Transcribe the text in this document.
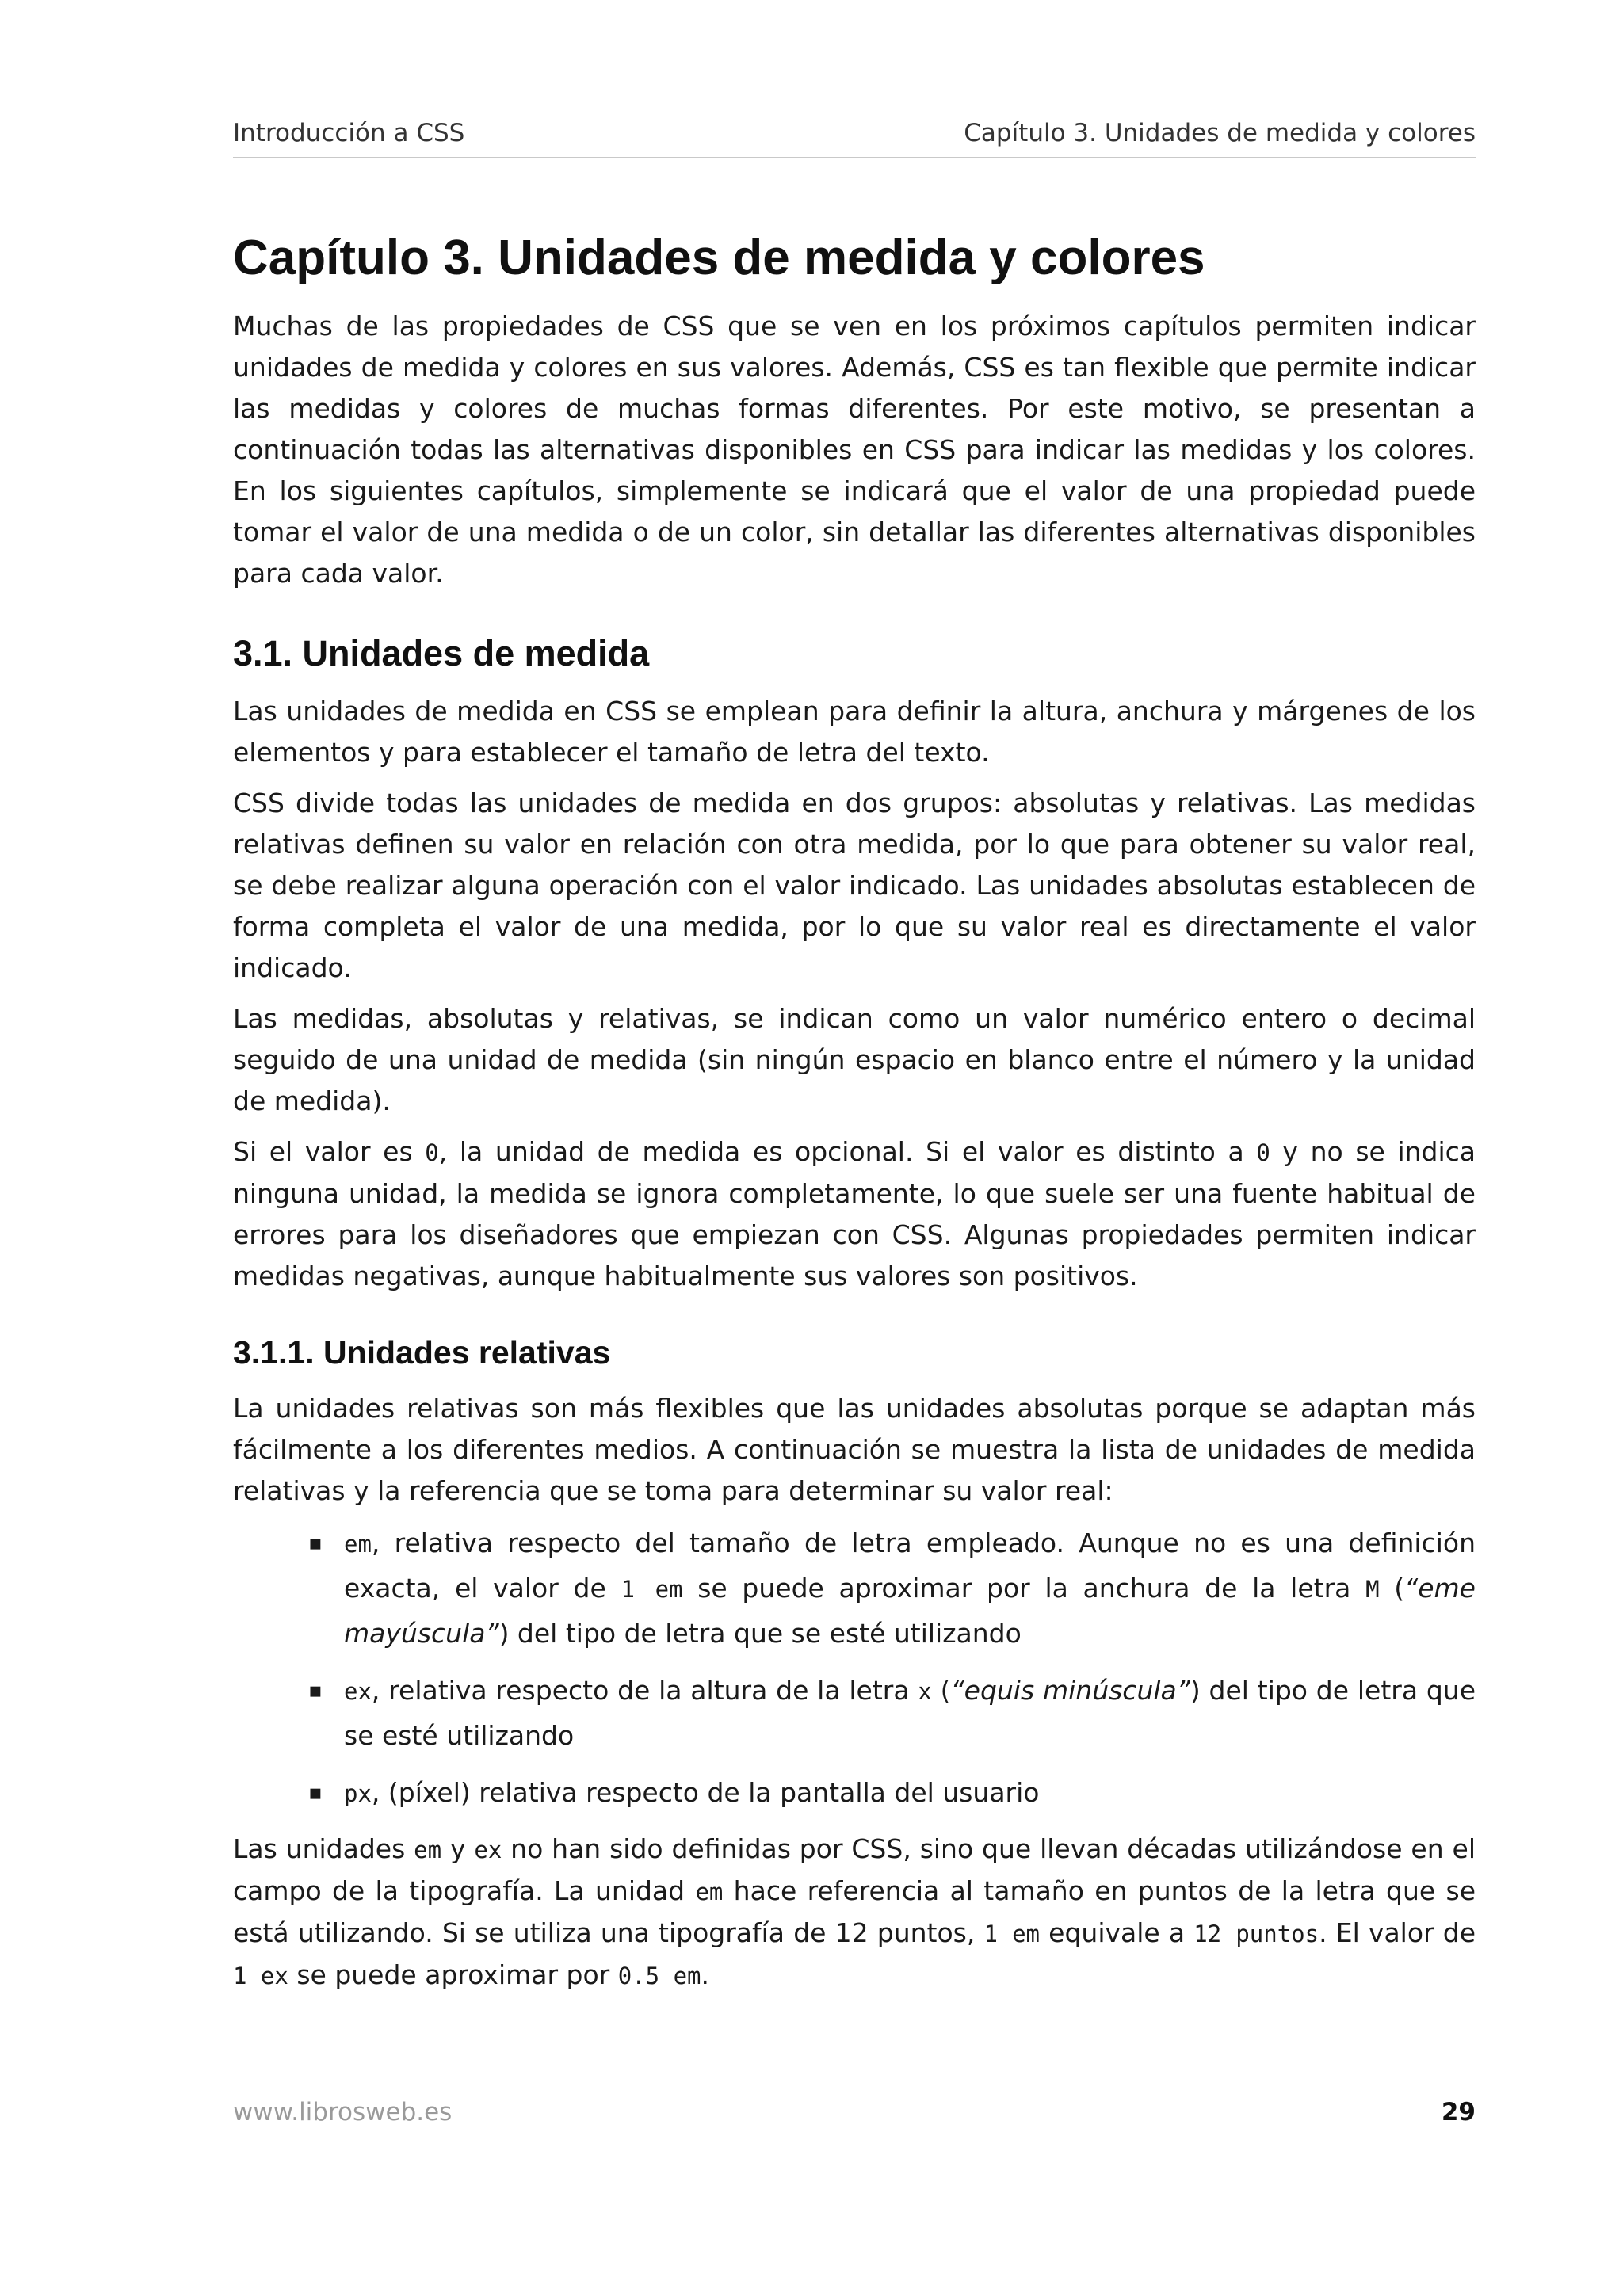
Introducción a CSS	Capítulo 3. Unidades de medida y colores
Capítulo 3. Unidades de medida y colores

Muchas de las propiedades de CSS que se ven en los próximos capítulos permiten indicar unidades de medida y colores en sus valores. Además, CSS es tan flexible que permite indicar las medidas y colores de muchas formas diferentes. Por este motivo, se presentan a continuación todas las alternativas disponibles en CSS para indicar las medidas y los colores. En los siguientes capítulos, simplemente se indicará que el valor de una propiedad puede tomar el valor de una medida o de un color, sin detallar las diferentes alternativas disponibles para cada valor.

3.1. Unidades de medida

Las unidades de medida en CSS se emplean para definir la altura, anchura y márgenes de los elementos y para establecer el tamaño de letra del texto.

CSS divide todas las unidades de medida en dos grupos: absolutas y relativas. Las medidas relativas definen su valor en relación con otra medida, por lo que para obtener su valor real, se debe realizar alguna operación con el valor indicado. Las unidades absolutas establecen de forma completa el valor de una medida, por lo que su valor real es directamente el valor indicado.

Las medidas, absolutas y relativas, se indican como un valor numérico entero o decimal seguido de una unidad de medida (sin ningún espacio en blanco entre el número y la unidad de medida).

Si el valor es 0, la unidad de medida es opcional. Si el valor es distinto a 0 y no se indica ninguna unidad, la medida se ignora completamente, lo que suele ser una fuente habitual de errores para los diseñadores que empiezan con CSS. Algunas propiedades permiten indicar medidas negativas, aunque habitualmente sus valores son positivos.

3.1.1. Unidades relativas

La unidades relativas son más flexibles que las unidades absolutas porque se adaptan más fácilmente a los diferentes medios. A continuación se muestra la lista de unidades de medida relativas y la referencia que se toma para determinar su valor real:

▪ em, relativa respecto del tamaño de letra empleado. Aunque no es una definición exacta, el valor de 1 em se puede aproximar por la anchura de la letra M (“eme mayúscula”) del tipo de letra que se esté utilizando
▪ ex, relativa respecto de la altura de la letra x (“equis minúscula”) del tipo de letra que se esté utilizando
▪ px, (píxel) relativa respecto de la pantalla del usuario

Las unidades em y ex no han sido definidas por CSS, sino que llevan décadas utilizándose en el campo de la tipografía. La unidad em hace referencia al tamaño en puntos de la letra que se está utilizando. Si se utiliza una tipografía de 12 puntos, 1 em equivale a 12 puntos. El valor de 1 ex se puede aproximar por 0.5 em.

www.librosweb.es	29
